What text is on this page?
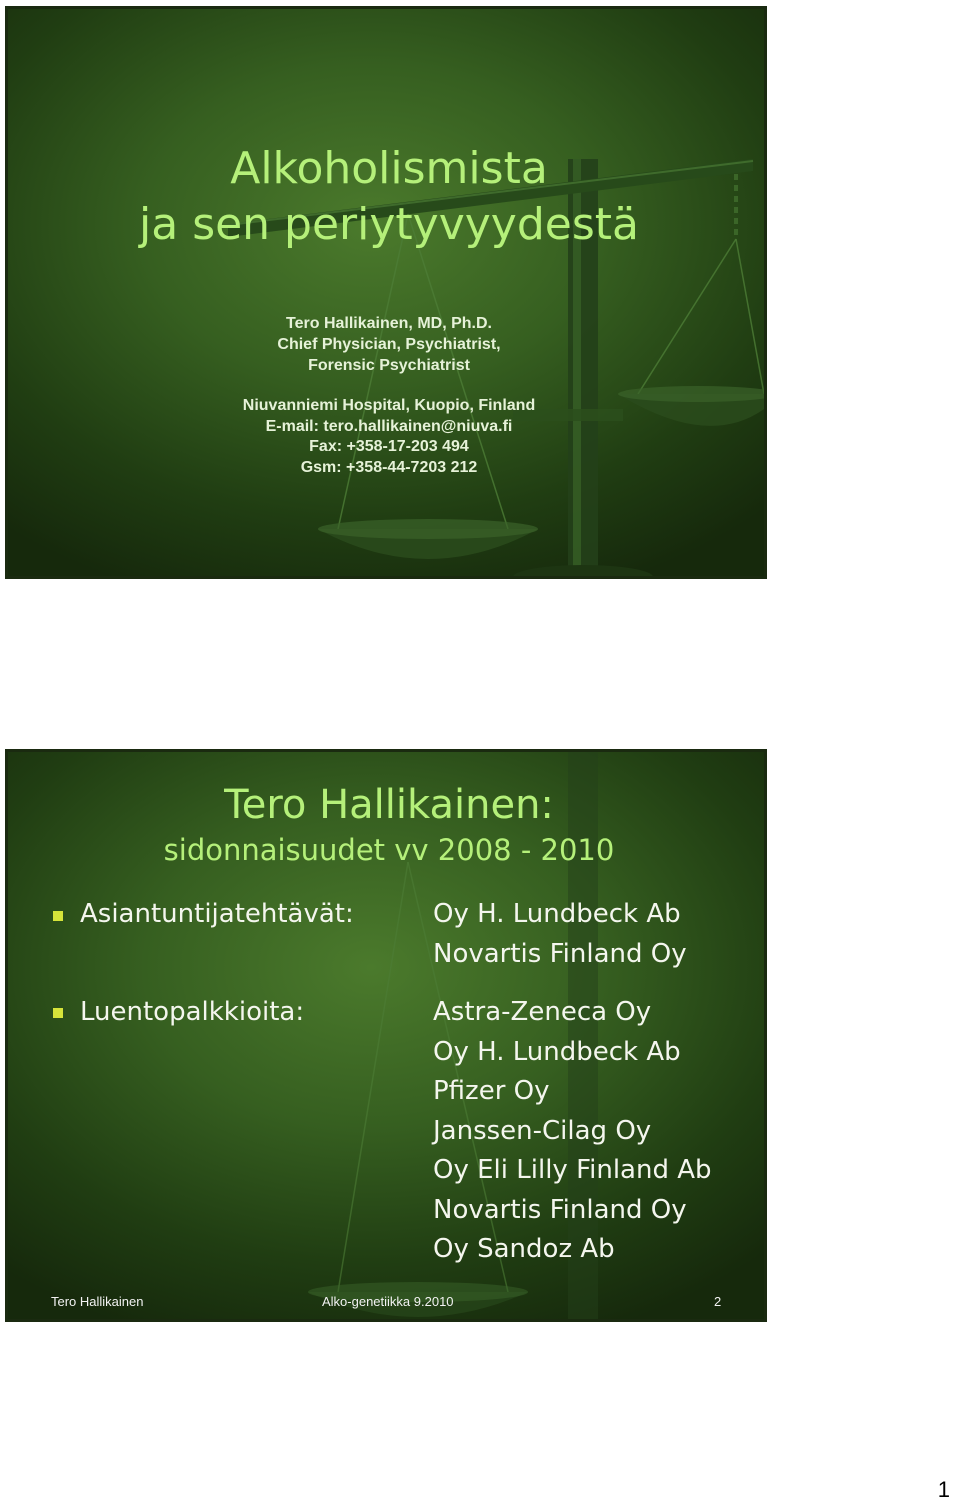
Alkoholismista
ja sen periytyvyydestä
Tero Hallikainen, MD, Ph.D.
Chief Physician, Psychiatrist,
Forensic Psychiatrist
Niuvanniemi Hospital, Kuopio, Finland
E-mail: tero.hallikainen@niuva.fi
Fax: +358-17-203 494
Gsm: +358-44-7203 212
Tero Hallikainen:
sidonnaisuudet vv 2008 - 2010
Asiantuntijatehtävät:
Luentopalkkioita:
Oy H. Lundbeck Ab
Novartis Finland Oy
Astra-Zeneca Oy
Oy H. Lundbeck Ab
Pfizer Oy
Janssen-Cilag Oy
Oy Eli Lilly Finland Ab
Novartis Finland Oy
Oy Sandoz Ab
Tero Hallikainen	Alko-genetiikka 9.2010	2
1
